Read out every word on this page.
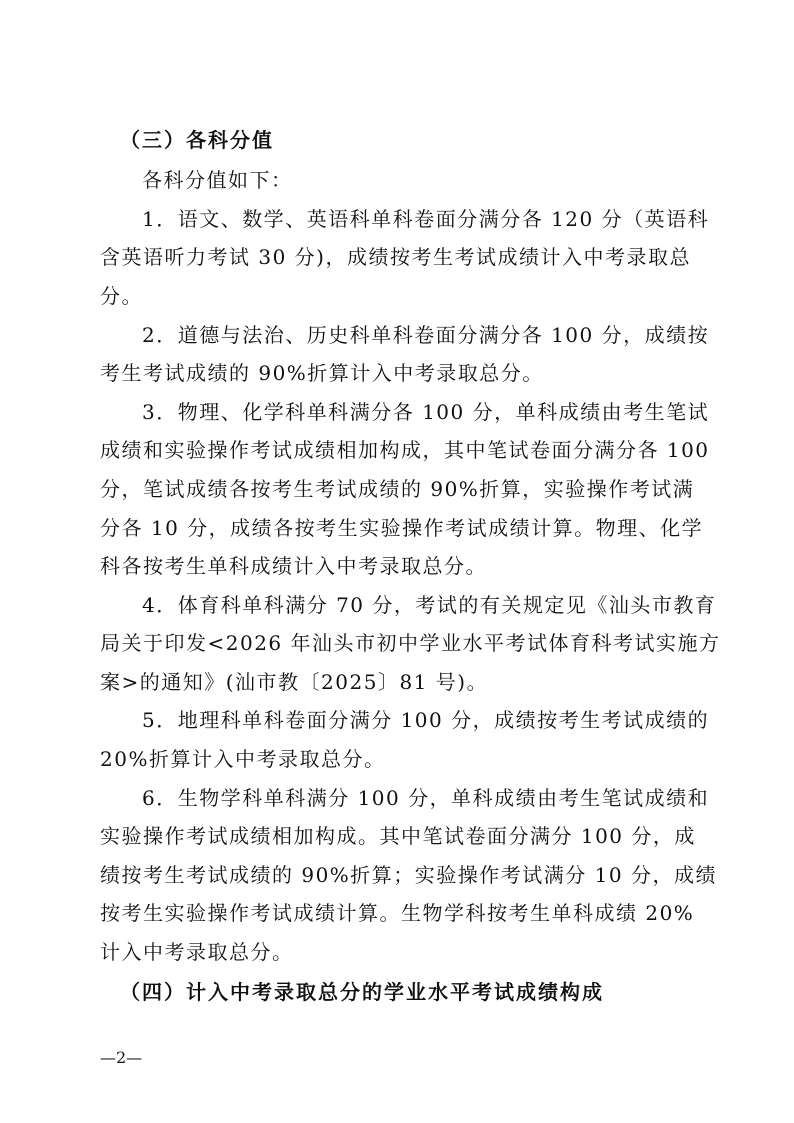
（三）各科分值
各科分值如下：
1．语文、数学、英语科单科卷面分满分各 120 分（英语科
含英语听力考试 30 分)，成绩按考生考试成绩计入中考录取总
分。
2．道德与法治、历史科单科卷面分满分各 100 分，成绩按
考生考试成绩的 90%折算计入中考录取总分。
3．物理、化学科单科满分各 100 分，单科成绩由考生笔试
成绩和实验操作考试成绩相加构成，其中笔试卷面分满分各 100
分，笔试成绩各按考生考试成绩的 90%折算，实验操作考试满
分各 10 分，成绩各按考生实验操作考试成绩计算。物理、化学
科各按考生单科成绩计入中考录取总分。
4．体育科单科满分 70 分，考试的有关规定见《汕头市教育
局关于印发<2026 年汕头市初中学业水平考试体育科考试实施方
案>的通知》(汕市教〔2025〕81 号)。
5．地理科单科卷面分满分 100 分，成绩按考生考试成绩的
20%折算计入中考录取总分。
6．生物学科单科满分 100 分，单科成绩由考生笔试成绩和
实验操作考试成绩相加构成。其中笔试卷面分满分 100 分，成
绩按考生考试成绩的 90%折算；实验操作考试满分 10 分，成绩
按考生实验操作考试成绩计算。生物学科按考生单科成绩 20%
计入中考录取总分。
（四）计入中考录取总分的学业水平考试成绩构成
—2—
